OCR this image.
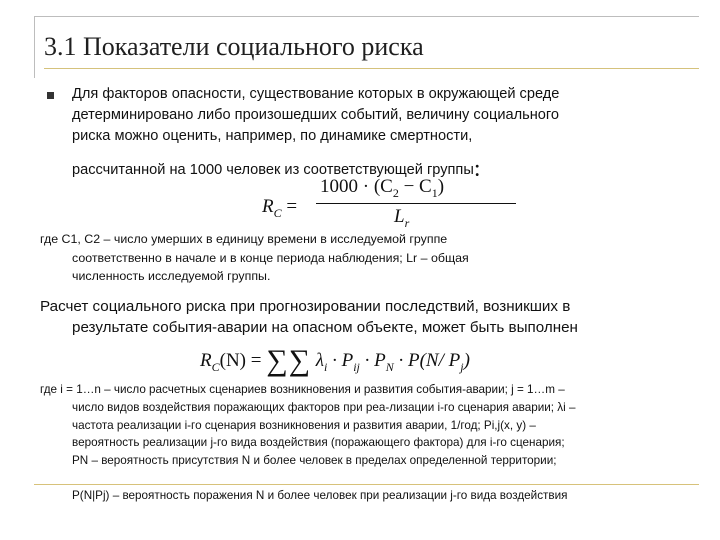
3.1 Показатели социального риска
Для факторов опасности, существование которых в окружающей среде
детерминировано либо произошедших событий, величину социального
риска можно оценить, например, по динамике смертности,
рассчитанной на 1000 человек из соответствующей группы:
$R_C$ =
$1000 \cdot (C_2 - C_1)$
$L_r$
где С1, С2 – число умерших в единицу времени в исследуемой группе

соответственно в начале и в конце периода наблюдения; Lr – общая
численность исследуемой группы.
Расчет социального риска при прогнозировании последствий, возникших в

результате события-аварии на опасном объекте, может быть выполнен
$R_C(N)$ = ∑∑ $\lambda_i \cdot P_{ij} \cdot P_N \cdot P(N/$ $P_j$)
где i = 1…n – число расчетных сценариев возникновения и развития события-аварии; j = 1…m –

число видов воздействия поражающих факторов при реа-лизации i-го сценария аварии; λi –
частота реализации i-го сценария возникновения и развития аварии, 1/год; Pi,j(x, y) –
вероятность реализации j-го вида воздействия (поражающего фактора) для i-го сценария;
PN – вероятность присутствия N и более человек в пределах определенной территории;
P(N|Pj) – вероятность поражения N и более человек при реализации j-го вида воздействия
